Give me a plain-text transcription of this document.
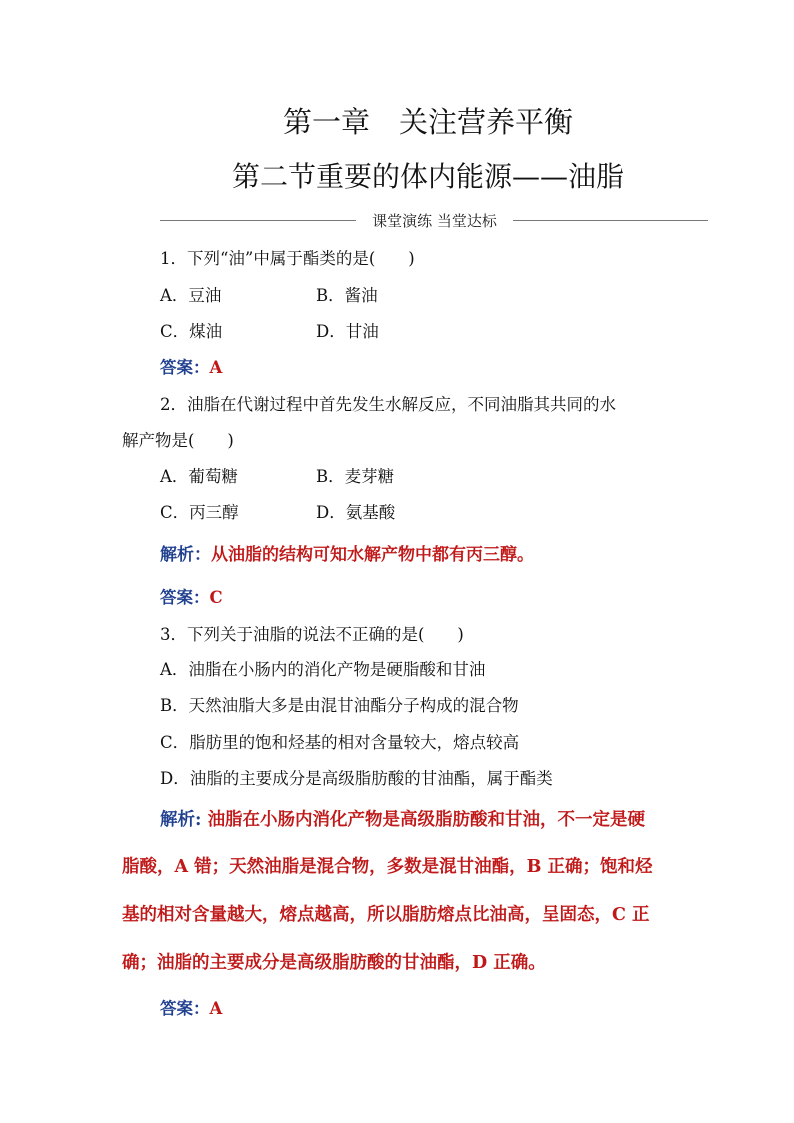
第一章　关注营养平衡
第二节重要的体内能源——油脂
课堂演练 当堂达标
1．下列“油”中属于酯类的是(　　)
A．豆油	B．酱油
C．煤油	D．甘油
答案：A
2．油脂在代谢过程中首先发生水解反应，不同油脂其共同的水
解产物是(　　)
A．葡萄糖	B．麦芽糖
C．丙三醇	D．氨基酸
解析：从油脂的结构可知水解产物中都有丙三醇。
答案：C
3．下列关于油脂的说法不正确的是(　　)
A．油脂在小肠内的消化产物是硬脂酸和甘油
B．天然油脂大多是由混甘油酯分子构成的混合物
C．脂肪里的饱和烃基的相对含量较大，熔点较高
D．油脂的主要成分是高级脂肪酸的甘油酯，属于酯类
解析: 油脂在小肠内消化产物是高级脂肪酸和甘油，不一定是硬
脂酸，A 错；天然油脂是混合物，多数是混甘油酯，B 正确；饱和烃
基的相对含量越大，熔点越高，所以脂肪熔点比油高，呈固态，C 正
确；油脂的主要成分是高级脂肪酸的甘油酯，D 正确。
答案：A
